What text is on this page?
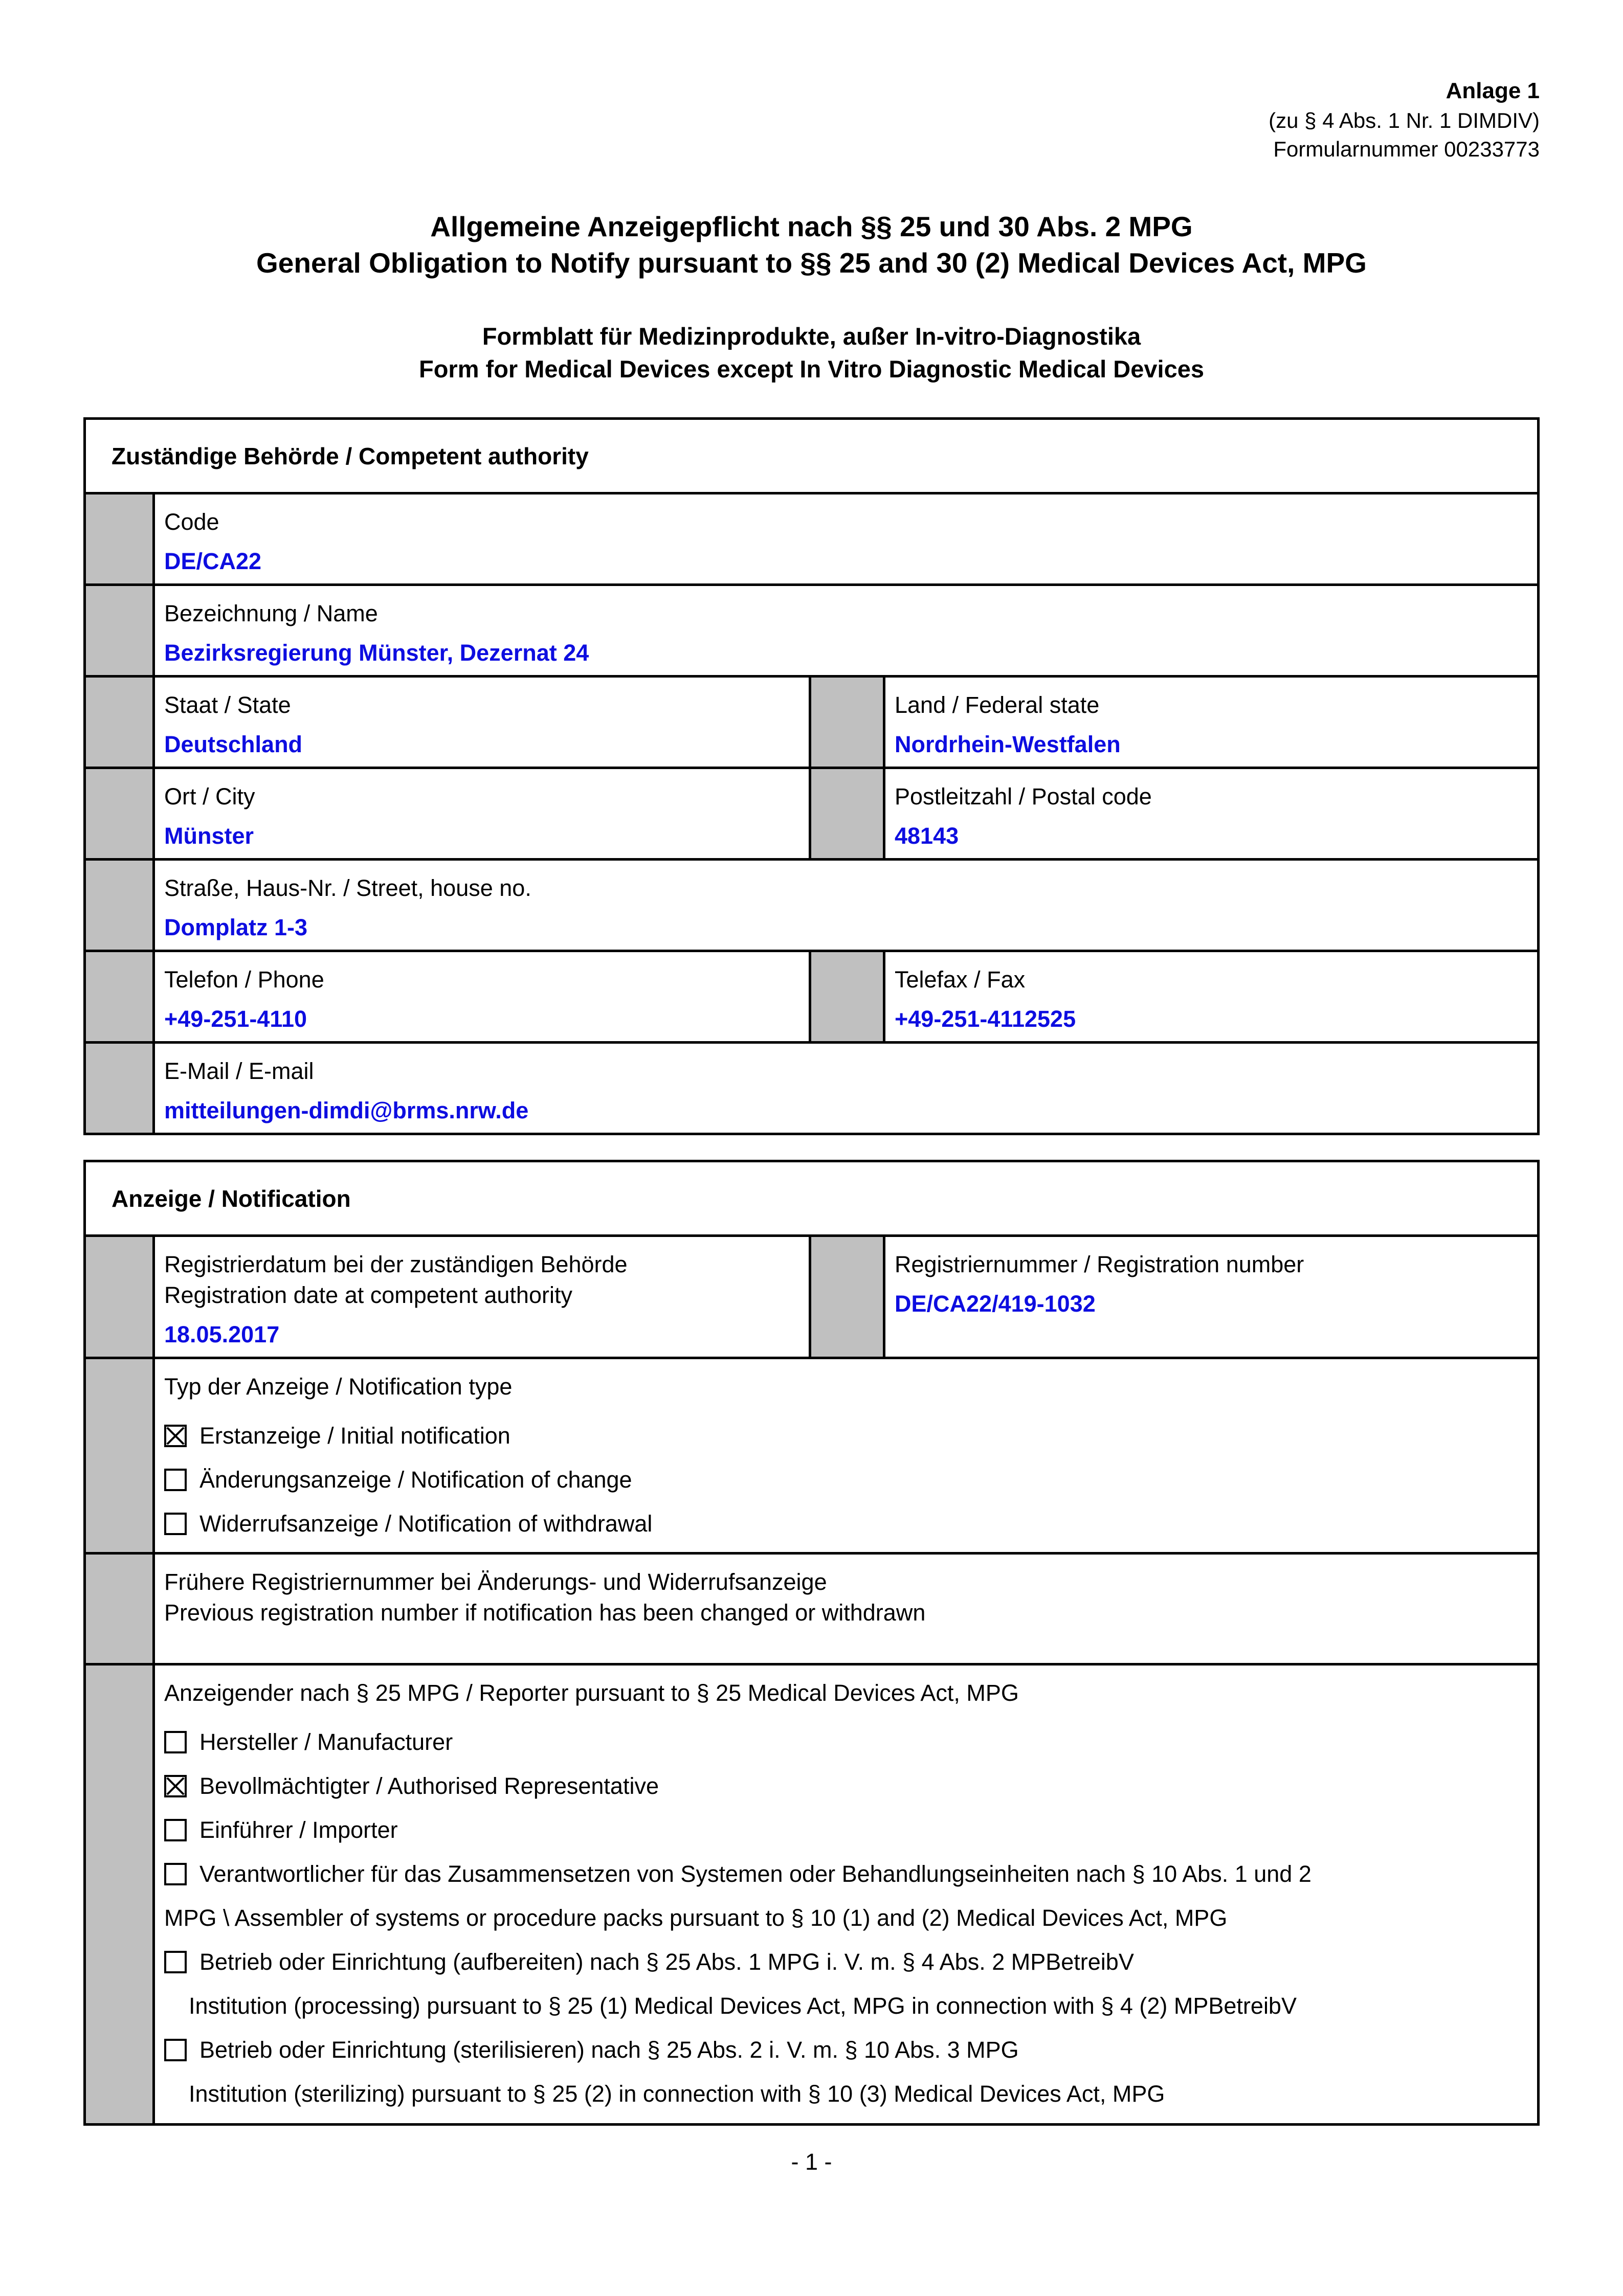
Anlage 1
(zu § 4 Abs. 1 Nr. 1 DIMDIV)
Formularnummer 00233773
Allgemeine Anzeigepflicht nach §§ 25 und 30 Abs. 2 MPG
General Obligation to Notify pursuant to §§ 25 and 30 (2) Medical Devices Act, MPG
Formblatt für Medizinprodukte, außer In-vitro-Diagnostika
Form for Medical Devices except In Vitro Diagnostic Medical Devices
Zuständige Behörde / Competent authority			

	Code
DE/CA22		

	Bezeichnung / Name
Bezirksregierung Münster, Dezernat 24		

Staat / State
Deutschland

Land / Federal state
Nordrhein-Westfalen

Ort / City
Münster

Postleitzahl / Postal code
48143

	Straße, Haus-Nr. / Street, house no.
Domplatz 1-3		

Telefon / Phone
+49-251-4110

Telefax / Fax
+49-251-4112525

	E-Mail / E-mail
mitteilungen-dimdi@brms.nrw.de		
Anzeige / Notification			

Registrierdatum bei der zuständigen Behörde
Registration date at competent authority
18.05.2017

Registriernummer / Registration number
DE/CA22/419-1032

	Typ der Anzeige / Notification type
Erstanzeige / Initial notification
Änderungsanzeige / Notification of change
Widerrufsanzeige / Notification of withdrawal		

	Frühere Registriernummer bei Änderungs- und Widerrufsanzeige
Previous registration number if notification has been changed or withdrawn		

Anzeigender nach § 25 MPG / Reporter pursuant to § 25 Medical Devices Act, MPG
Hersteller / Manufacturer
Bevollmächtigter / Authorised Representative
Einführer / Importer
Verantwortlicher für das Zusammensetzen von Systemen oder Behandlungseinheiten nach § 10 Abs. 1 und 2
MPG \ Assembler of systems or procedure packs pursuant to § 10 (1) and (2) Medical Devices Act, MPG
Betrieb oder Einrichtung (aufbereiten) nach § 25 Abs. 1 MPG i. V. m. § 4 Abs. 2 MPBetreibV
Institution (processing) pursuant to § 25 (1) Medical Devices Act, MPG in connection with § 4 (2) MPBetreibV
Betrieb oder Einrichtung (sterilisieren) nach § 25 Abs. 2 i. V. m. § 10 Abs. 3 MPG
Institution (sterilizing) pursuant to § 25 (2) in connection with § 10 (3) Medical Devices Act, MPG
- 1 -
